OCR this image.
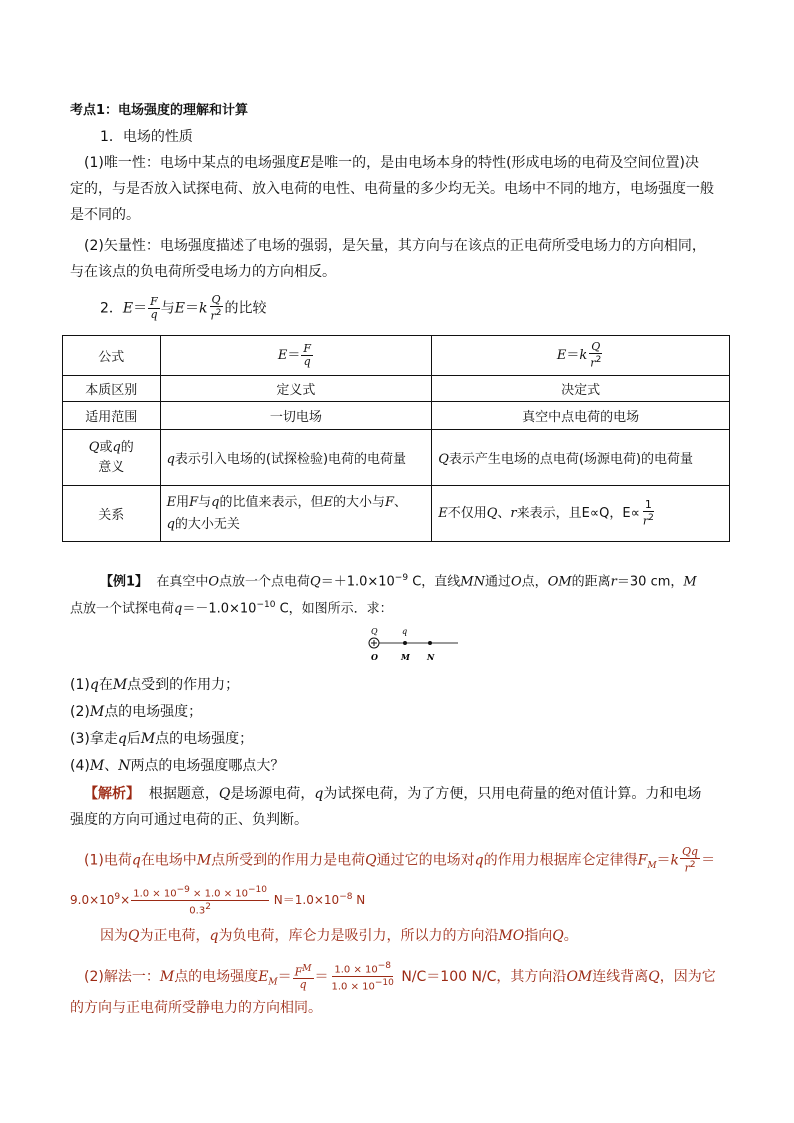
考点1：电场强度的理解和计算
1．电场的性质
(1)唯一性：电场中某点的电场强度E是唯一的，是由电场本身的特性(形成电场的电荷及空间位置)决
定的，与是否放入试探电荷、放入电荷的电性、电荷量的多少均无关。电场中不同的地方，电场强度一般
是不同的。
(2)矢量性：电场强度描述了电场的强弱，是矢量，其方向与在该点的正电荷所受电场力的方向相同，
与在该点的负电荷所受电场力的方向相反。
2．$E= \frac{F}{q}$ 与$E=k \frac{Q}{r^2}$ 的比较
公式	$E= \frac{F}{q}$	$E=k \frac{Q}{r^2}$

本质区别	定义式	决定式
适用范围	一切电场	真空中点电荷的电场
Q或q的
意义	q表示引入电场的(试探检验)电荷的电荷量	Q表示产生电场的点电荷(场源电荷)的电荷量
关系	E用F与q的比值来表示，但E的大小与F、
q的大小无关	E不仅用Q、r来表示，且E∝Q，$E\propto \frac{1}{r^2}$
【例1】 在真空中O点放一个点电荷$Q=+1.0\times 10^{-9}$ C，直线MN通过O点，OM的距离r＝30 cm，M
点放一个试探电荷$q=-1.0\times 10^{-10}$ C，如图所示．求：
Q	q
O	M N
(1)q在M点受到的作用力；
(2)M点的电场强度；
(3)拿走q后M点的电场强度；
(4)M、N两点的电场强度哪点大？
【解析】 根据题意，Q是场源电荷，q为试探电荷，为了方便，只用电荷量的绝对值计算。力和电场
强度的方向可通过电荷的正、负判断。
(1)电荷q在电场中M点所受到的作用力是电荷Q通过它的电场对q的作用力根据库仑定律得$F_M=k \frac{Qq}{r^2}$ ＝
$9.0\times 10^9\times \frac{1.0 \times 10^{-9} \times 1.0 \times 10^{-10}}{0.3^2} N=1.0\times 10^{-8}$ N
因为Q为正电荷，q为负电荷，库仑力是吸引力，所以力的方向沿MO指向Q。
(2)解法一：M点的电场强度$E_M= \frac{F^M}{q} = \frac{1.0 \times 10^{-8}}{1.0 \times 10^{-10}} N/C=100$ N/C，其方向沿OM连线背离Q，因为它
的方向与正电荷所受静电力的方向相同。
